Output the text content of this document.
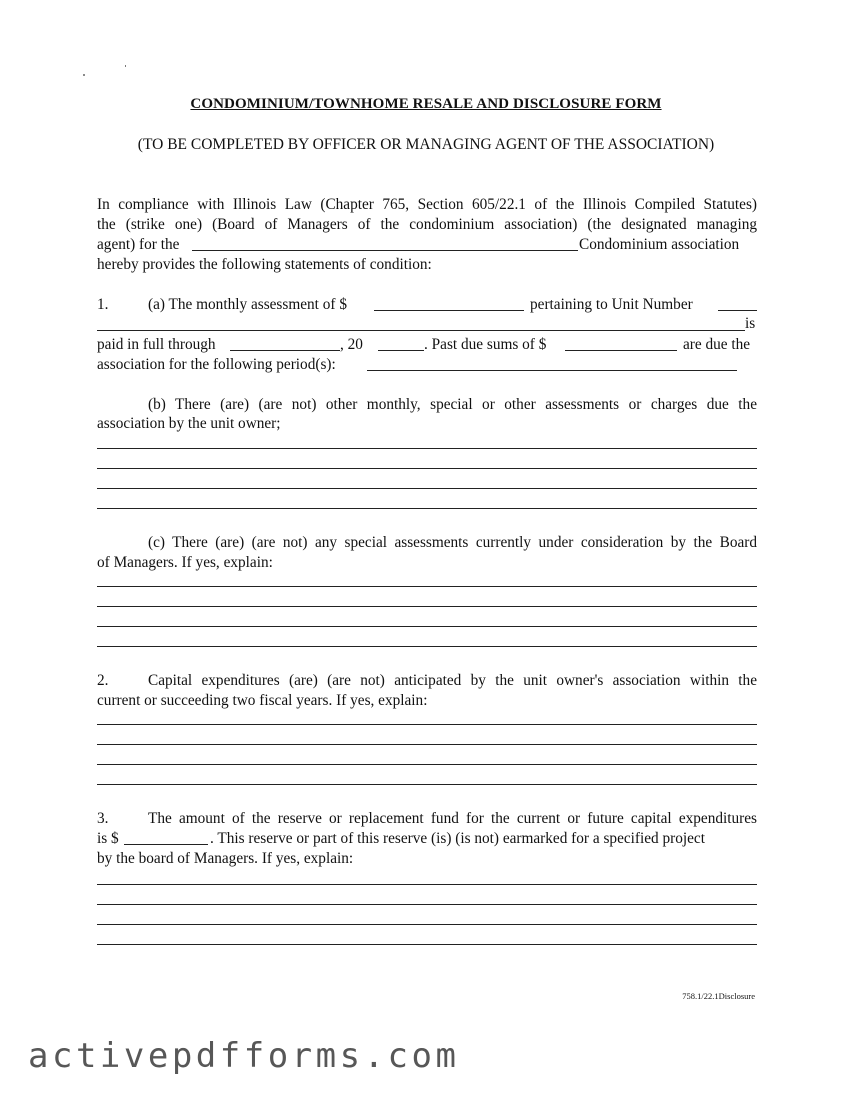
CONDOMINIUM/TOWNHOME RESALE AND DISCLOSURE FORM
(TO BE COMPLETED BY OFFICER OR MANAGING AGENT OF THE ASSOCIATION)
In compliance with Illinois Law (Chapter 765, Section 605/22.1 of the Illinois Compiled Statutes)
the (strike one) (Board of Managers of the condominium association) (the designated managing
agent) for the	Condominium association
hereby provides the following statements of condition:
1.	(a) The monthly assessment of $	pertaining to Unit Number
is
paid in full through	, 20	. Past due sums of $	are due the
association for the following period(s):
(b) There (are) (are not) other monthly, special or other assessments or charges due the
association by the unit owner;
(c) There (are) (are not) any special assessments currently under consideration by the Board
of Managers. If yes, explain:
2.	Capital expenditures (are) (are not) anticipated by the unit owner's association within the
current or succeeding two fiscal years. If yes, explain:
3.	The amount of the reserve or replacement fund for the current or future capital expenditures
is $	. This reserve or part of this reserve (is) (is not) earmarked for a specified project
by the board of Managers. If yes, explain:
758.1/22.1Disclosure
activepdfforms.com
